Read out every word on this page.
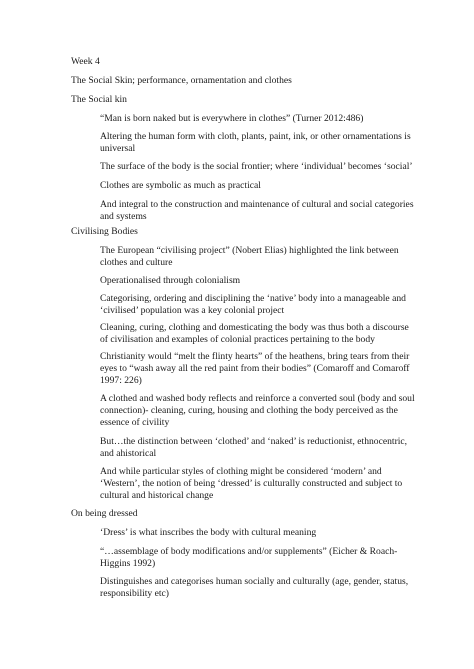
Week 4
The Social Skin; performance, ornamentation and clothes
The Social kin
“Man is born naked but is everywhere in clothes” (Turner 2012:486)
Altering the human form with cloth, plants, paint, ink, or other ornamentations is universal
The surface of the body is the social frontier; where ‘individual’ becomes ‘social’
Clothes are symbolic as much as practical
And integral to the construction and maintenance of cultural and social categories and systems
Civilising Bodies
The European “civilising project” (Nobert Elias) highlighted the link between clothes and culture
Operationalised through colonialism
Categorising, ordering and disciplining the ‘native’ body into a manageable and ‘civilised’ population was a key colonial project
Cleaning, curing, clothing and domesticating the body was thus both a discourse of civilisation and examples of colonial practices pertaining to the body
Christianity would “melt the flinty hearts” of the heathens, bring tears from their eyes to “wash away all the red paint from their bodies” (Comaroff and Comaroff 1997: 226)
A clothed and washed body reflects and reinforce a converted soul (body and soul connection)- cleaning, curing, housing and clothing the body perceived as the essence of civility
But…the distinction between ‘clothed’ and ‘naked’ is reductionist, ethnocentric, and ahistorical
And while particular styles of clothing might be considered ‘modern’ and ‘Western’, the notion of being ‘dressed’ is culturally constructed and subject to cultural and historical change
On being dressed
‘Dress’ is what inscribes the body with cultural meaning
“…assemblage of body modifications and/or supplements” (Eicher & Roach-Higgins 1992)
Distinguishes and categorises human socially and culturally (age, gender, status, responsibility etc)
